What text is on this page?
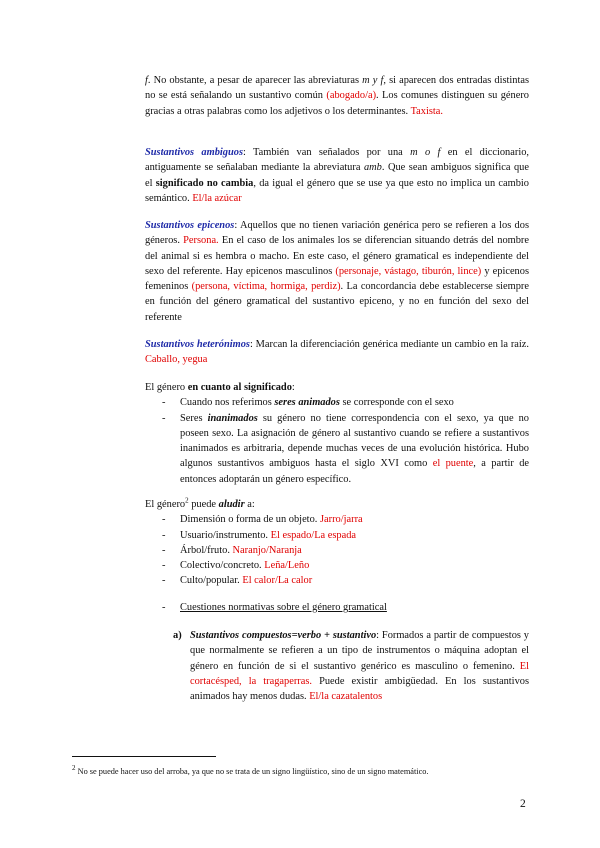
f. No obstante, a pesar de aparecer las abreviaturas m y f, si aparecen dos entradas distintas no se está señalando un sustantivo común (abogado/a). Los comunes distinguen su género gracias a otras palabras como los adjetivos o los determinantes. Taxista.

Sustantivos ambiguos: También van señalados por una m o f en el diccionario, antiguamente se señalaban mediante la abreviatura amb. Que sean ambiguos significa que el significado no cambia, da igual el género que se use ya que esto no implica un cambio semántico. El/la azúcar

Sustantivos epicenos: Aquellos que no tienen variación genérica pero se refieren a los dos géneros. Persona. En el caso de los animales los se diferencian situando detrás del nombre del animal si es hembra o macho. En este caso, el género gramatical es independiente del sexo del referente. Hay epicenos masculinos (personaje, vástago, tiburón, lince) y epicenos femeninos (persona, víctima, hormiga, perdiz). La concordancia debe establecerse siempre en función del género gramatical del sustantivo epiceno, y no en función del sexo del referente

Sustantivos heterónimos: Marcan la diferenciación genérica mediante un cambio en la raíz. Caballo, yegua

El género en cuanto al significado:

- Cuando nos referimos seres animados se corresponde con el sexo
- Seres inanimados su género no tiene correspondencia con el sexo, ya que no poseen sexo. La asignación de género al sustantivo cuando se refiere a sustantivos inanimados es arbitraria, depende muchas veces de una evolución histórica. Hubo algunos sustantivos ambiguos hasta el siglo XVI como el puente, a partir de entonces adoptarán un género específico.

El género$^2$ puede aludir a:

- Dimensión o forma de un objeto. Jarro/jarra
- Usuario/instrumento. El espado/La espada
- Árbol/fruto. Naranjo/Naranja
- Colectivo/concreto. Leña/Leño
- Culto/popular. El calor/La calor
- Cuestiones normativas sobre el género gramatical

a) Sustantivos compuestos=verbo + sustantivo: Formados a partir de compuestos y que normalmente se refieren a un tipo de instrumentos o máquina adoptan el género en función de si el sustantivo genérico es masculino o femenino. El cortacésped, la tragaperras. Puede existir ambigüedad. En los sustantivos animados hay menos dudas. El/la cazatalentos

$^2$ No se puede hacer uso del arroba, ya que no se trata de un signo lingüístico, sino de un signo matemático.

2
